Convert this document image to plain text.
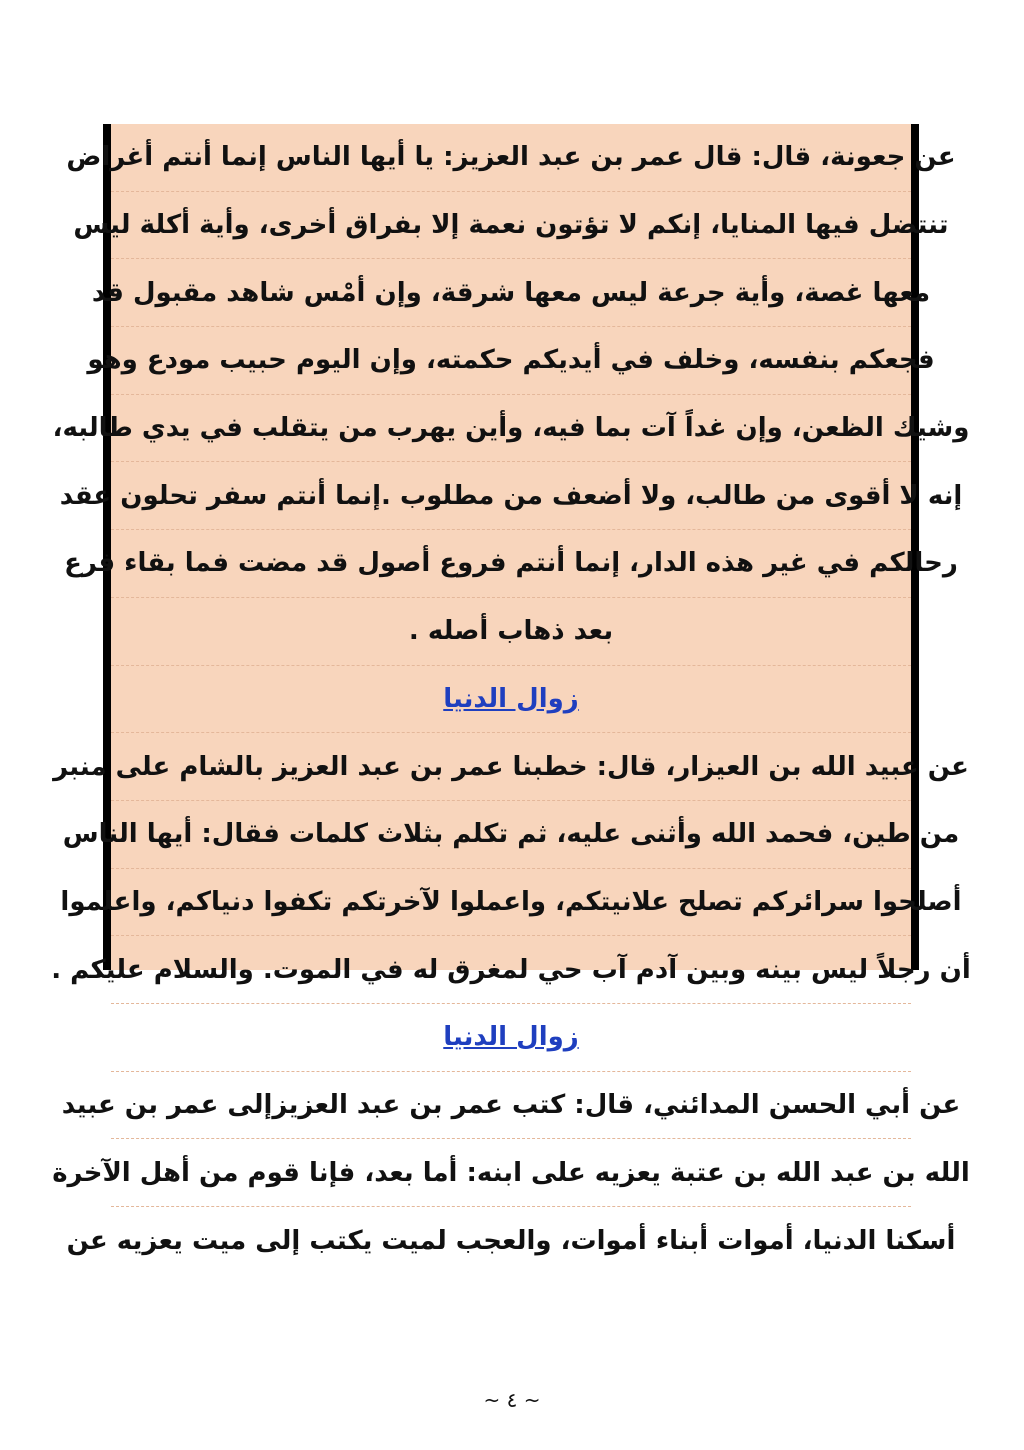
عن جعونة، قال: قال عمر بن عبد العزيز: يا أيها الناس إنما أنتم أغراض
تنتضل فيها المنايا، إنكم لا تؤتون نعمة إلا بفراق أخرى، وأية أكلة ليس
معها غصة، وأية جرعة ليس معها شرقة، وإن أمْس شاهد مقبول قد
فجعكم بنفسه، وخلف في أيديكم حكمته، وإن اليوم حبيب مودع وهو
وشيك الظعن، وإن غداً آت بما فيه، وأين يهرب من يتقلب في يدي طالبه،
إنه لا أقوى من طالب، ولا أضعف من مطلوب .إنما أنتم سفر تحلون عقد
رحالكم في غير هذه الدار، إنما أنتم فروع أصول قد مضت فما بقاء فرع
بعد ذهاب أصله .
زوال الدنيا
عن عبيد الله بن العيزار، قال: خطبنا عمر بن عبد العزيز بالشام على منبر
من طين، فحمد الله وأثنى عليه، ثم تكلم بثلاث كلمات فقال: أيها الناس
أصلحوا سرائركم تصلح علانيتكم، واعملوا لآخرتكم تكفوا دنياكم، واعلموا
أن رجلاً ليس بينه وبين آدم آب حي لمغرق له في الموت. والسلام عليكم .
زوال الدنيا
عن أبي الحسن المدائني، قال: كتب عمر بن عبد العزيزإلى عمر بن عبيد
الله بن عبد الله بن عتبة يعزيه على ابنه: أما بعد، فإنا قوم من أهل الآخرة
أسكنا الدنيا، أموات أبناء أموات، والعجب لميت يكتب إلى ميت يعزيه عن
~ ٤ ~
